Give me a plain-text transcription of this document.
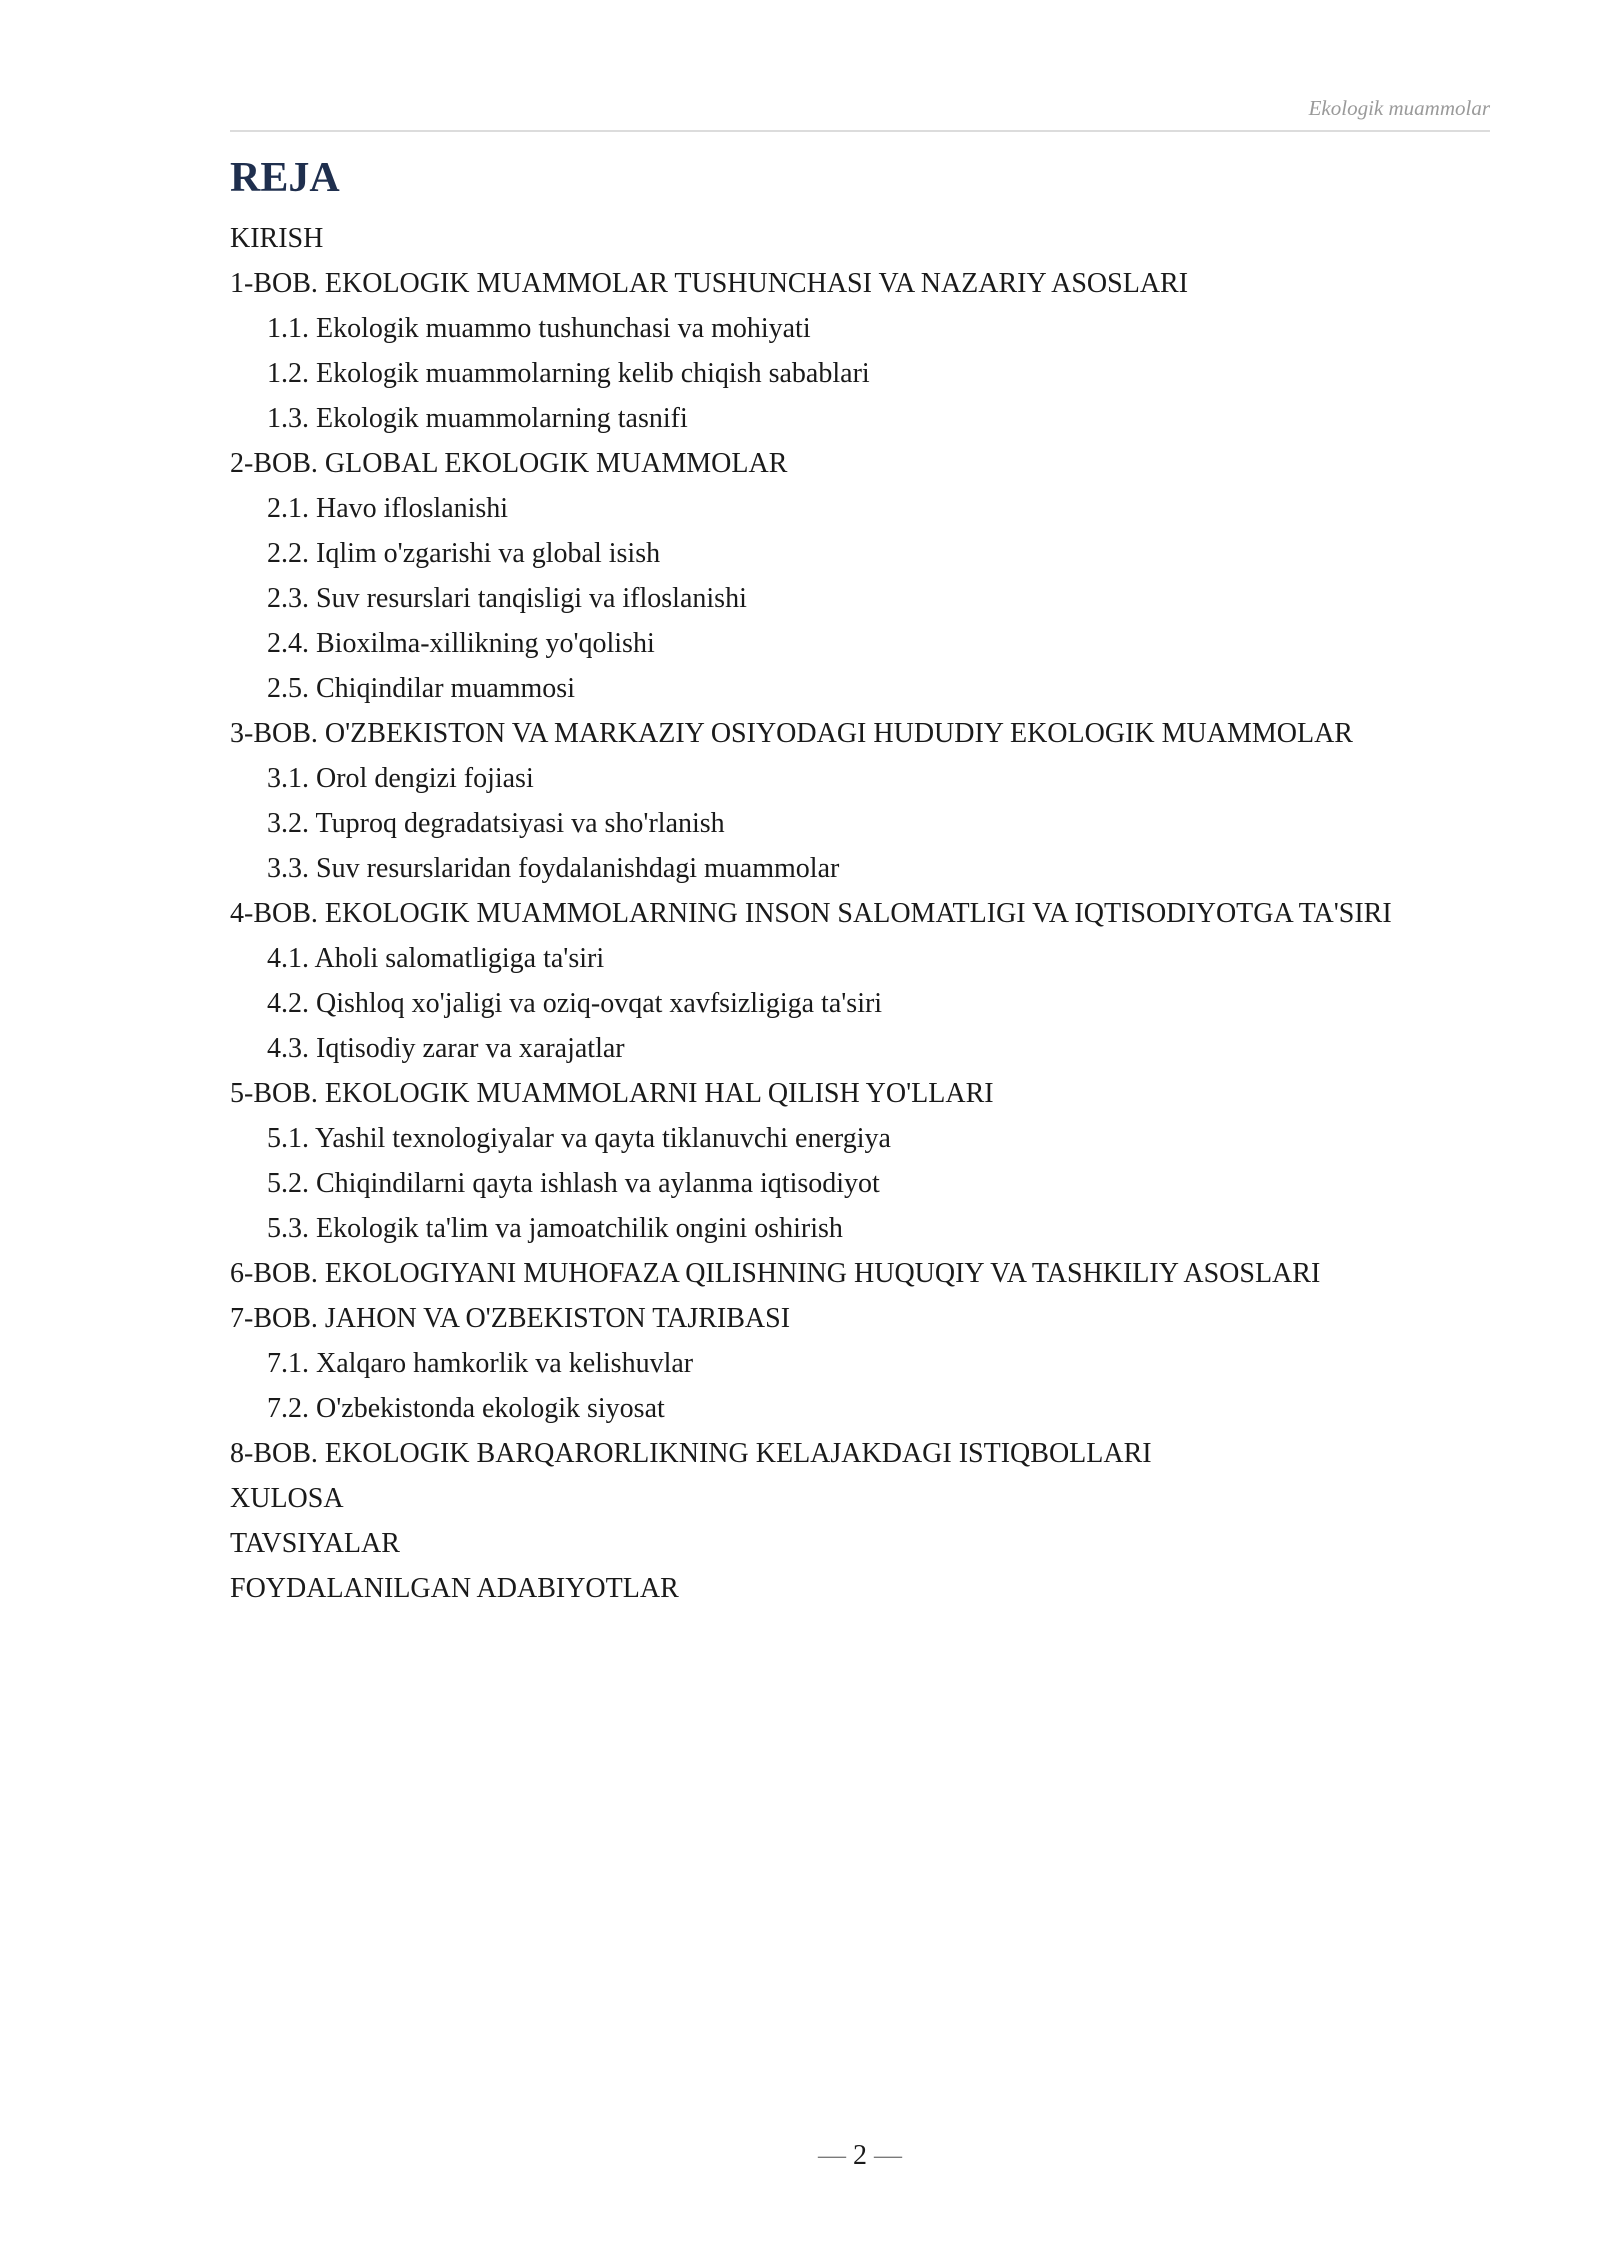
Ekologik muammolar
REJA
KIRISH
1-BOB. EKOLOGIK MUAMMOLAR TUSHUNCHASI VA NAZARIY ASOSLARI
1.1. Ekologik muammo tushunchasi va mohiyati
1.2. Ekologik muammolarning kelib chiqish sabablari
1.3. Ekologik muammolarning tasnifi
2-BOB. GLOBAL EKOLOGIK MUAMMOLAR
2.1. Havo ifloslanishi
2.2. Iqlim o'zgarishi va global isish
2.3. Suv resurslari tanqisligi va ifloslanishi
2.4. Bioxilma-xillikning yo'qolishi
2.5. Chiqindilar muammosi
3-BOB. O'ZBEKISTON VA MARKAZIY OSIYODAGI HUDUDIY EKOLOGIK MUAMMOLAR
3.1. Orol dengizi fojiasi
3.2. Tuproq degradatsiyasi va sho'rlanish
3.3. Suv resurslaridan foydalanishdagi muammolar
4-BOB. EKOLOGIK MUAMMOLARNING INSON SALOMATLIGI VA IQTISODIYOTGA TA'SIRI
4.1. Aholi salomatligiga ta'siri
4.2. Qishloq xo'jaligi va oziq-ovqat xavfsizligiga ta'siri
4.3. Iqtisodiy zarar va xarajatlar
5-BOB. EKOLOGIK MUAMMOLARNI HAL QILISH YO'LLARI
5.1. Yashil texnologiyalar va qayta tiklanuvchi energiya
5.2. Chiqindilarni qayta ishlash va aylanma iqtisodiyot
5.3. Ekologik ta'lim va jamoatchilik ongini oshirish
6-BOB. EKOLOGIYANI MUHOFAZA QILISHNING HUQUQIY VA TASHKILIY ASOSLARI
7-BOB. JAHON VA O'ZBEKISTON TAJRIBASI
7.1. Xalqaro hamkorlik va kelishuvlar
7.2. O'zbekistonda ekologik siyosat
8-BOB. EKOLOGIK BARQARORLIKNING KELAJAKDAGI ISTIQBOLLARI
XULOSA
TAVSIYALAR
FOYDALANILGAN ADABIYOTLAR
— 2 —
